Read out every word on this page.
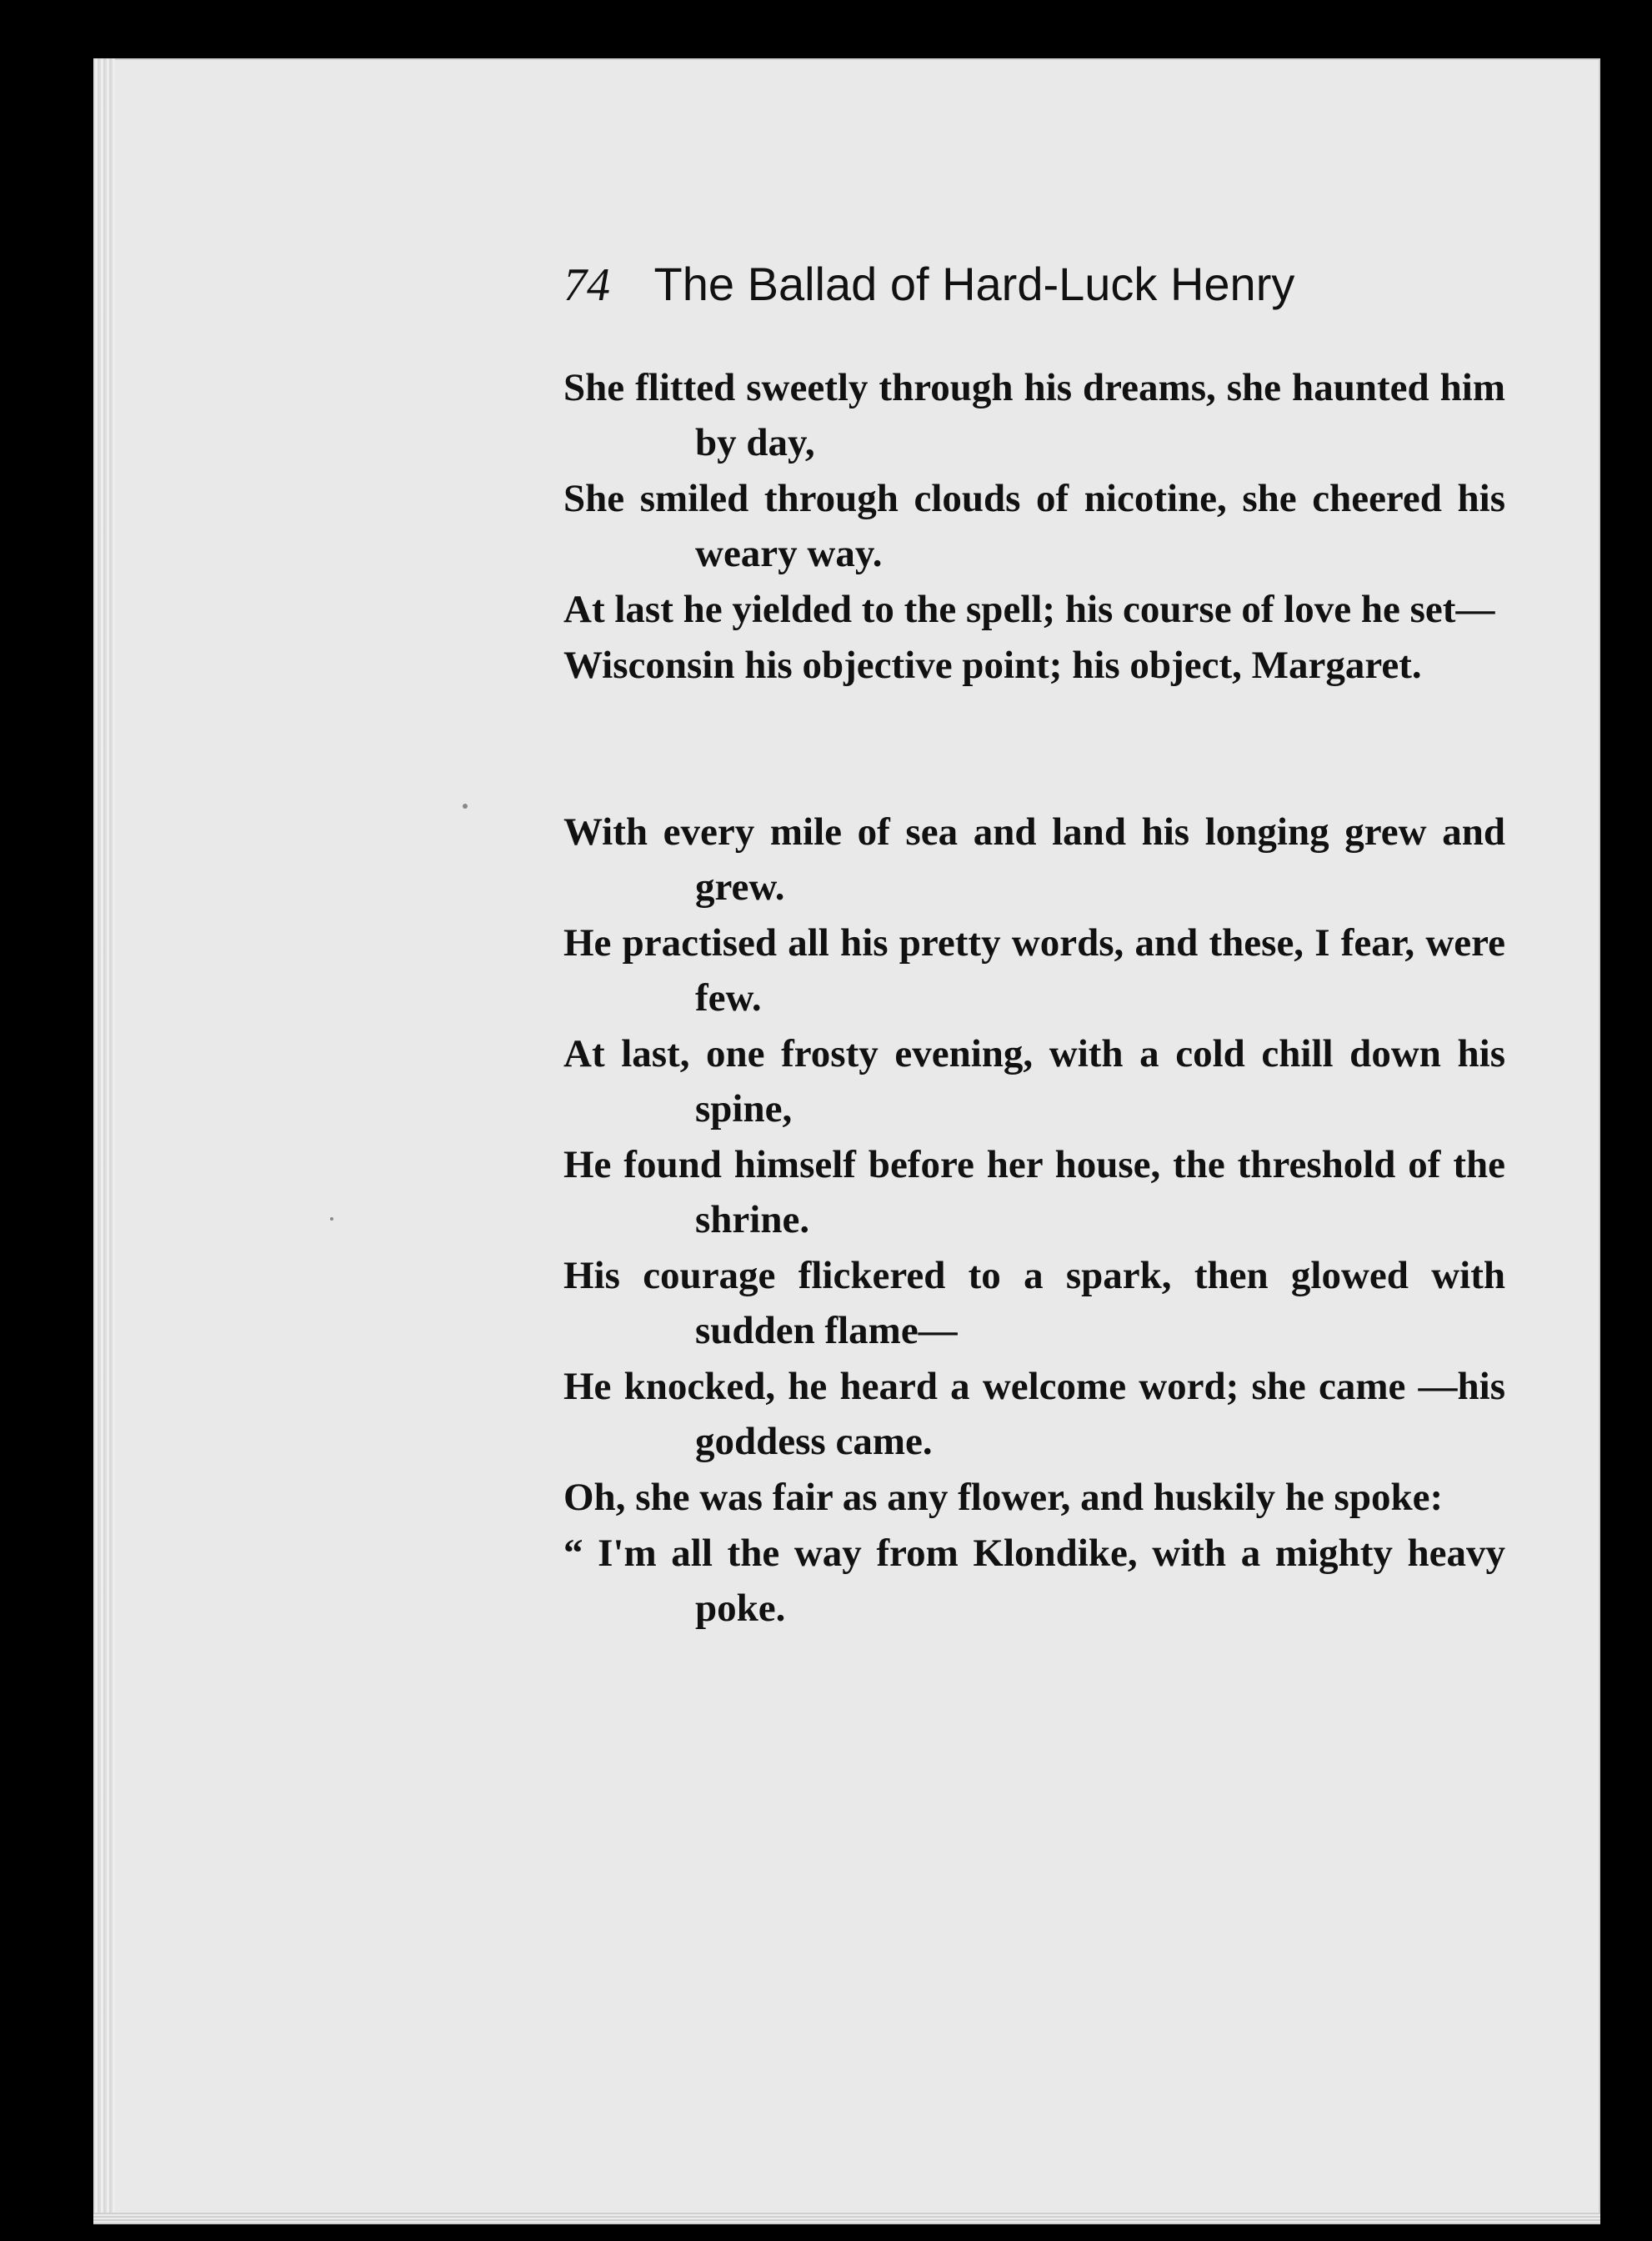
74 The Ballad of Hard-Luck Henry

She flitted sweetly through his dreams, she haunted him by day,

She smiled through clouds of nicotine, she cheered his weary way.

At last he yielded to the spell; his course of love he set—

Wisconsin his objective point; his object, Margaret.

With every mile of sea and land his longing grew and grew.

He practised all his pretty words, and these, I fear, were few.

At last, one frosty evening, with a cold chill down his spine,

He found himself before her house, the threshold of the shrine.

His courage flickered to a spark, then glowed with sudden flame—

He knocked, he heard a welcome word; she came —his goddess came.

Oh, she was fair as any flower, and huskily he spoke:

“ I'm all the way from Klondike, with a mighty heavy poke.
